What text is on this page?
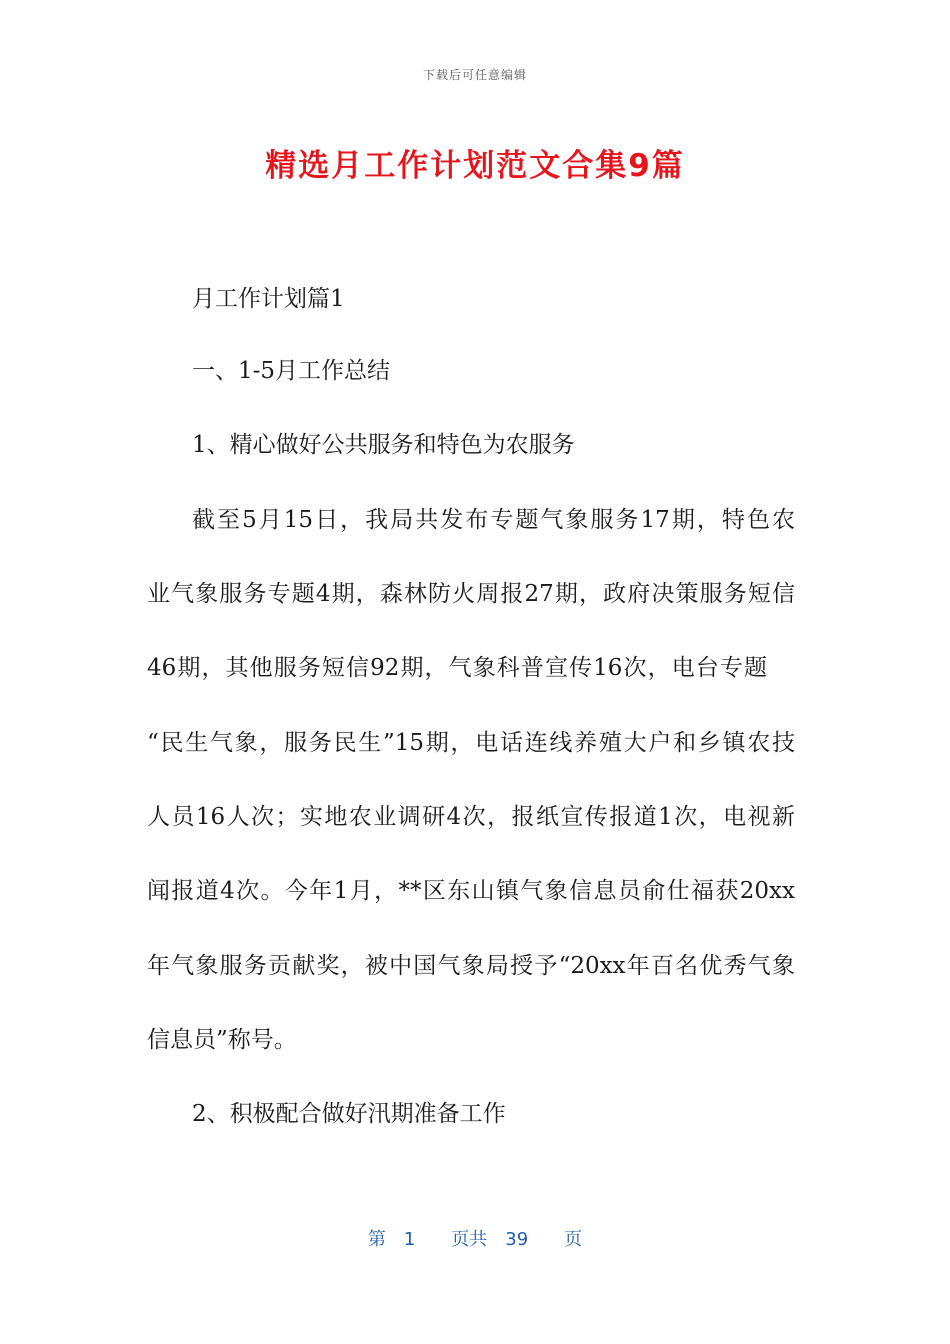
下载后可任意编辑
精选月工作计划范文合集9篇
月工作计划篇1
一、1-5月工作总结
1、精心做好公共服务和特色为农服务
截至5月15日，我局共发布专题气象服务17期，特色农
业气象服务专题4期，森林防火周报27期，政府决策服务短信
46期，其他服务短信92期，气象科普宣传16次，电台专题
“民生气象，服务民生”15期，电话连线养殖大户和乡镇农技
人员16人次；实地农业调研4次，报纸宣传报道1次，电视新
闻报道4次。今年1月，**区东山镇气象信息员俞仕福获20xx
年气象服务贡献奖，被中国气象局授予“20xx年百名优秀气象
信息员”称号。
2、积极配合做好汛期准备工作
第 1 页共 39 页
